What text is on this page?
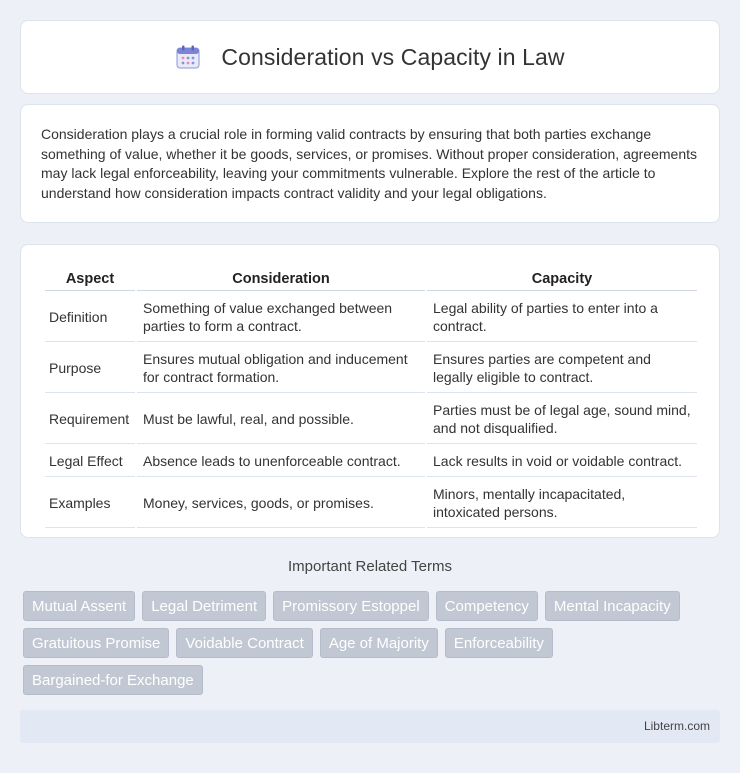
Consideration vs Capacity in Law

Consideration plays a crucial role in forming valid contracts by ensuring that both parties exchange something of value, whether it be goods, services, or promises. Without proper consideration, agreements may lack legal enforceability, leaving your commitments vulnerable. Explore the rest of the article to understand how consideration impacts contract validity and your legal obligations.

Aspect	Consideration	Capacity
Definition	Something of value exchanged between parties to form a contract.	Legal ability of parties to enter into a contract.
Purpose	Ensures mutual obligation and inducement for contract formation.	Ensures parties are competent and legally eligible to contract.
Requirement	Must be lawful, real, and possible.	Parties must be of legal age, sound mind, and not disqualified.
Legal Effect	Absence leads to unenforceable contract.	Lack results in void or voidable contract.
Examples	Money, services, goods, or promises.	Minors, mentally incapacitated, intoxicated persons.
Important Related Terms
Mutual Assent	Legal Detriment	Promissory Estoppel	Competency	Mental Incapacity
Gratuitous Promise	Voidable Contract	Age of Majority	Enforceability
Bargained-for Exchange
Libterm.com
